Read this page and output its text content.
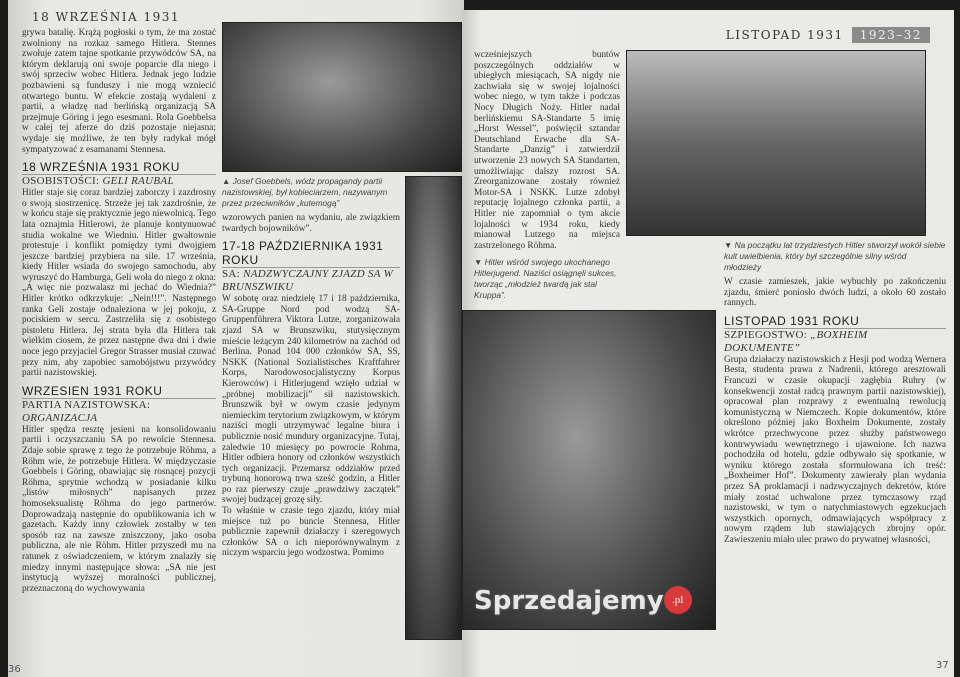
18 WRZEŚNIA 1931
grywa batalię. Krążą pogłoski o tym, że ma zostać zwolniony na rozkaz samego Hitlera. Stennes zwołuje zatem tajne spotkanie przywódców SA, na którym deklarują oni swoje poparcie dla niego i swój sprzeciw wobec Hitlera. Jednak jego ludzie pozbawieni są funduszy i nie mogą wzniecić otwartego buntu. W efekcie zostają wydaleni z partii, a władzę nad berlińską organizacją SA przejmuje Göring i jego esesmani. Rola Goebbelsa w całej tej aferze do dziś pozostaje niejasna; wydaje się możliwe, że ten były radykał mógł sympatyzować z esamanami Stennesa.
18 WRZEŚNIA 1931 ROKU
OSOBISTOŚCI: GELI RAUBAL
Hitler staje się coraz bardziej zaborczy i zazdrosny o swoją siostrzenicę. Strzeże jej tak zazdrośnie, że w końcu staje się praktycznie jego niewolnicą. Tego lata oznajmia Hitlerowi, że planuje kontynuować studia wokalne we Wiedniu. Hitler gwałtownie protestuje i konflikt pomiędzy tymi dwojgiem jeszcze bardziej przybiera na sile. 17 września, kiedy Hitler wsiada do swojego samochodu, aby wyruszyć do Hamburga, Geli woła do niego z okna: „A więc nie pozwalasz mi jechać do Wiednia?” Hitler krótko odkrzykuje: „Nein!!!”. Następnego ranka Geli zostaje odnaleziona w jej pokoju, z pociskiem w sercu. Zastrzeliła się z osobistego pistoletu Hitlera. Jej strata była dla Hitlera tak wielkim ciosem, że przez następne dwa dni i dwie noce jego przyjaciel Gregor Strasser musiał czuwać przy nim, aby zapobiec samobójstwu przywódcy partii nazistowskiej.
WRZESIEN 1931 ROKU
PARTIA NAZISTOWSKA: ORGANIZACJA
Hitler spędza resztę jesieni na konsolidowaniu partii i oczyszczaniu SA po rewolcie Stennesa. Zdaje sobie sprawę z tego że potrzebuje Röhma, a Röhm wie, że potrzebuje Hitlera. W międzyczasie Goebbels i Göring, obawiając się rosnącej pozycji Röhma, sprytnie wchodzą w posiadanie kilku „listów miłosnych” napisanych przez homoseksualistę Röhma do jego partnerów. Doprowadzają następnie do opublikowania ich w gazetach. Każdy inny człowiek zostałby w ten sposób raz na zawsze zniszczony, jako osoba publiczna, ale nie Röhm. Hitler przyszedł mu na ratunek z oświadczeniem, w którym znalazły się miedzy innymi następujące słowa: „SA nie jest instytucją wyższej moralności publicznej, przeznaczoną do wychowywania
36
▲ Josef Goebbels, wódz propagandy partii nazistowskiej, był kobieciarzem, nazywanym przez przeciwników „kutemogą”
wzorowych panien na wydaniu, ale związkiem twardych bojowników”.
17-18 PAŹDZIERNIKA 1931 ROKU
SA: NADZWYCZAJNY ZJAZD SA W BRUNSZWIKU
W sobotę oraz niedzielę 17 i 18 października, SA-Gruppe Nord pod wodzą SA-Gruppenführera Viktora Lutze, zorganizowała zjazd SA w Brunszwiku, stutysięcznym mieście leżącym 240 kilometrów na zachód od Berlina. Ponad 104 000 członków SA, SS, NSKK (National Sozialistisches Kraftfahrer Korps, Narodowosocjalistyczny Korpus Kierowców) i Hitlerjugend wzięło udział w „próbnej mobilizacji” sił nazistowskich. Brunszwik był w owym czasie jedynym niemieckim terytorium związkowym, w którym naziści mogli utrzymywać legalne biura i publicznie nosić mundury organizacyjne. Tutaj, zaledwie 10 miesięcy po powrocie Rohma, Hitler odbiera honory od członków wszystkich tych organizacji. Przemarsz oddziałów przed trybuną honorową trwa sześć godzin, a Hitler po raz pierwszy czuje „prawdziwy zaczątek” swojej budzącej grozę siły.
To właśnie w czasie tego zjazdu, który miał miejsce tuż po buncie Stennesa, Hitler publicznie zapewnił działaczy i szeregowych członków SA o ich nieporównywalnym z niczym wsparciu jego wodzostwa. Pomimo
LISTOPAD 1931 1923–32
wcześniejszych buntów poszczególnych oddziałów w ubiegłych miesiącach, SA nigdy nie zachwiała się w swojej lojalności wobec niego, w tym także i podczas Nocy Długich Noży. Hitler nadał berlińskiemu SA-Standarte 5 imię „Horst Wessel”, poświęcił sztandar Deutschland Erwache dla SA-Standarte „Danzig” i zatwierdził utworzenie 23 nowych SA Standarten, umożliwiając dalszy rozrost SA. Zreorganizowane zostały również Motor-SA i NSKK. Lutze zdobył reputację lojalnego członka partii, a Hitler nie zapomniał o tym akcie lojalności w 1934 roku, kiedy mianował Lutzego na miejsca zastrzelonego Röhma.
▼ Hitler wśród swojego ukochanego Hitlerjugend. Naziści osiągnęli sukces, tworząc „młodzież twardą jak stal Kruppa”.
▼ Na początku lat trzydziestych Hitler stworzył wokół siebie kult uwielbienia, który był szczególnie silny wśród młodzieży
W czasie zamieszek, jakie wybuchły po zakończeniu zjazdu, śmierć poniosło dwóch ludzi, a około 60 zostało rannych.
LISTOPAD 1931 ROKU
SZPIEGOSTWO: „BOXHEIM DOKUMENTE”
Grupa działaczy nazistowskich z Hesji pod wodzą Wernera Besta, studenta prawa z Nadrenii, którego aresztowali Francuzi w czasie okupacji zagłębia Ruhry (w konsekwencji został radcą prawnym partii nazistowskiej), opracował plan rozprawy z ewentualną rewolucją komunistyczną w Niemczech. Kopie dokumentów, które określono później jako Boxheim Dokumente, zostały wkrótce przechwycone przez służby państwowego kontrwywiadu wewnętrznego i ujawnione. Ich nazwa pochodziła od hotelu, gdzie odbywało się spotkanie, w wyniku którego została sformułowana ich treść: „Boxheimer Hof”. Dokumenty zawierały plan wydania przez SA proklamacji i nadzwyczajnych dekretów, które miały zostać uchwalone przez tymczasowy rząd nazistowski, w tym o natychmiastowych egzekucjach wszystkich opornych, odmawiających współpracy z nowym rządem lub stawiających zbrojny opór. Zawieszeniu miało ulec prawo do prywatnej własności,
37
Sprzedajemy .pl
